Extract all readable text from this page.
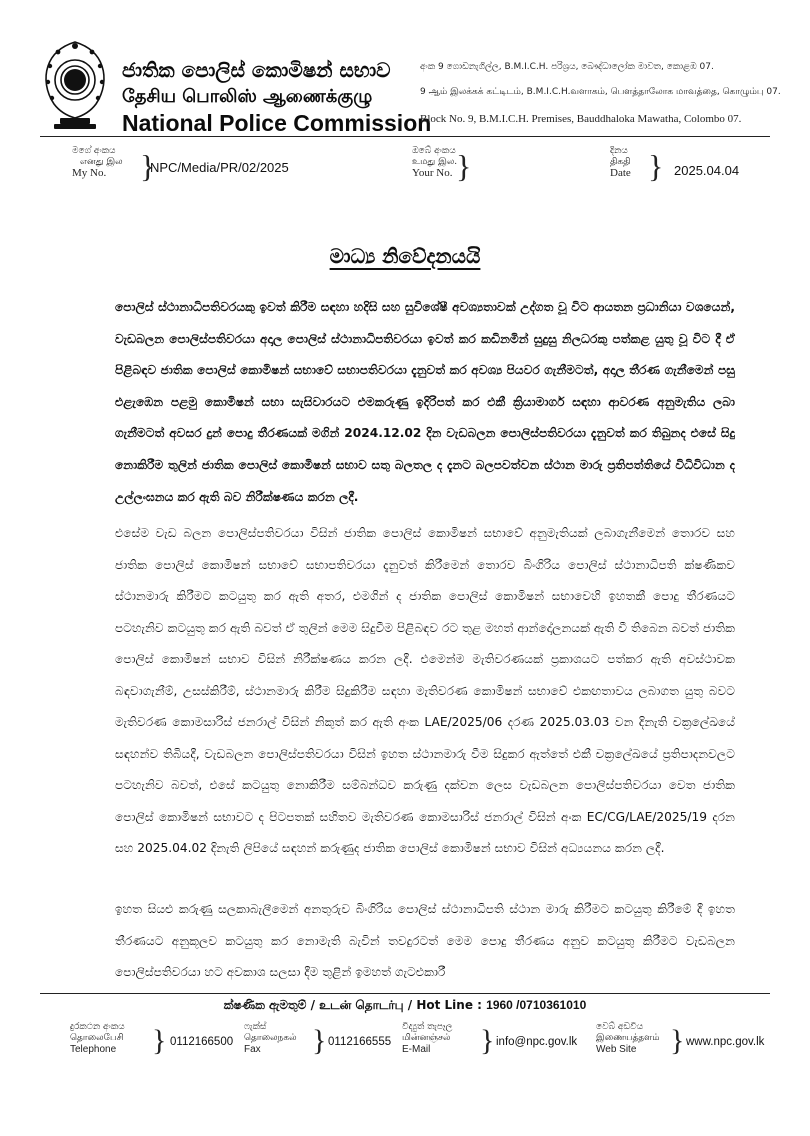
ජාතික පොලිස් කොමිෂන් සභාව
தேசிய பொலிஸ் ஆணைக்குழு
National Police Commission
අංක 9 ගොඩනැගිල්ල, B.M.I.C.H. පරිශ්‍රය, බෞද්ධාලෝක මාවත, කොළඹ 07.
9 ஆம் இலக்கக் கட்டிடம், B.M.I.C.H.வளாகம், பௌத்தாலோக மாவத்தை, கொழும்பு 07.
Block No. 9, B.M.I.C.H. Premises, Bauddhaloka Mawatha, Colombo 07.
මගේ අංකය
எனது இல
My No.	}
NPC/Media/PR/02/2025
ඔබේ අංකය
உமது இல.
Your No. }	දිනය
திகதி
Date } 2025.04.04
මාධ්‍ය නිවේදනයයි
පොලිස් ස්ථානාධිපතිවරයකු ඉවත් කිරීම සඳහා හදිසි සහ සුවිශේෂී අවශ්‍යතාවක් උද්ගත වූ විට ආයතන ප්‍රධානියා වශයෙන්, වැඩබලන පොලිස්පතිවරයා අදාල පොලිස් ස්ථානාධිපතිවරයා ඉවත් කර කඩිනමින් සුදුසු නිලධරකු පත්කළ යුතු වූ විට දී ඒ පිළිබඳව ජාතික පොලිස් කොමිෂන් සභාවේ සභාපතිවරයා දැනුවත් කර අවශ්‍ය පියවර ගැනීමටත්, අදාල තීරණ ගැනීමෙන් පසු එළැඹෙන පළමු කොමිෂන් සභා සැසිවාරයට එමකරුණු ඉදිරිපත් කර එකී ක්‍රියාමාර්ග සඳහා ආවරණ අනුමැතිය ලබා ගැනීමටත් අවසර දුන් පොදු තීරණයක් මගින් 2024.12.02 දින වැඩබලන පොලිස්පතිවරයා දැනුවත් කර තිබුනද එසේ සිදු නොකිරීම තුලින් ජාතික පොලිස් කොමිෂන් සභාව සතු බලතල ද දැනට බලපවත්වන ස්ථාන මාරු ප්‍රතිපත්තියේ විධිවිධාන ද උල්ලංඝනය කර ඇති බව නිරීක්ෂණය කරන ලදී.
එසේම වැඩ බලන පොලිස්පතිවරයා විසින් ජාතික පොලිස් කොමිෂන් සභාවේ අනුමැතියක් ලබාගැනීමෙන් තොරව සහ ජාතික පොලිස් කොමිෂන් සභාවේ සභාපතිවරයා දැනුවත් කිරීමෙන් තොරව බිංගිරිය පොලිස් ස්ථානාධිපති ක්ෂණිකව ස්ථානමාරු කිරීමට කටයුතු කර ඇති අතර, එමගින් ද ජාතික පොලිස් කොමිෂන් සභාවෙහි ඉහතකී පොදු තීරණයට පටහැනිව කටයුතු කර ඇති බවත් ඒ තුලින් මෙම සිදුවීම පිළිබඳව රට තුළ මහත් ආන්දෝලනයක් ඇති වී තිබෙන බවත් ජාතික පොලිස් කොමිෂන් සභාව විසින් නිරීක්ෂණය කරන ලදී. එමෙන්ම මැතිවරණයක් ප්‍රකාශයට පත්කර ඇති අවස්ථාවක බඳවාගැනීම්, උසස්කිරීම්, ස්ථානමාරු කිරීම සිදුකිරීම සඳහා මැතිවරණ කොමිෂන් සභාවේ එකඟතාවය ලබාගත යුතු බවට මැතිවරණ කොමසාරිස් ජනරාල් විසින් නිකුත් කර ඇති අංක LAE/2025/06 දරණ 2025.03.03 වන දිනැති චක්‍රලේඛයේ සඳහන්ව තිබියදී, වැඩබලන පොලිස්පතිවරයා විසින් ඉහත ස්ථානමාරු වීම සිදුකර ඇත්තේ එකී චක්‍රලේඛයේ ප්‍රතිපාදනවලට පටහැනිව බවත්, එසේ කටයුතු නොකිරීම සම්බන්ධව කරුණු දක්වන ලෙස වැඩබලන පොලිස්පතිවරයා වෙත ජාතික පොලිස් කොමිෂන් සභාවට ද පිටපතක් සහිතව මැතිවරණ කොමසාරිස් ජනරාල් විසින් අංක EC/CG/LAE/2025/19 දරන සහ 2025.04.02 දිනැති ලිපියේ සඳහන් කරුණුද ජාතික පොලිස් කොමිෂන් සභාව විසින් අධ්‍යයනය කරන ලදී.
ඉහත සියළු කරුණු සලකාබැලීමෙන් අනතුරුව බිංගිරිය පොලිස් ස්ථානාධිපති ස්ථාන මාරු කිරීමට කටයුතු කිරීමේ දී ඉහත තීරණයට අනුකූලව කටයුතු කර නොමැති බැවින් තවදුරටත් මෙම පොදු තීරණය අනුව කටයුතු කිරීමට වැඩබලන පොලිස්පතිවරයා හට අවකාශ සලසා දීම තුළින් ඉමහත් ගැටළුකාරී
ක්ෂණික ඇමතුම් / உடன் தொடர்பு / Hot Line : 1960 /0710361010
දුරකථන අංකය
தொலைபேசி
Telephone } 0112166500
ෆැක්ස්
தொலைநகல்
Fax	} 0112166555
විද්‍යුත් තැපෑල
மின்னஞ்சல்
E-Mail	} info@npc.gov.lk
වෙබ් අඩවිය
இணையத்தளம்
Web Site	} www.npc.gov.lk
